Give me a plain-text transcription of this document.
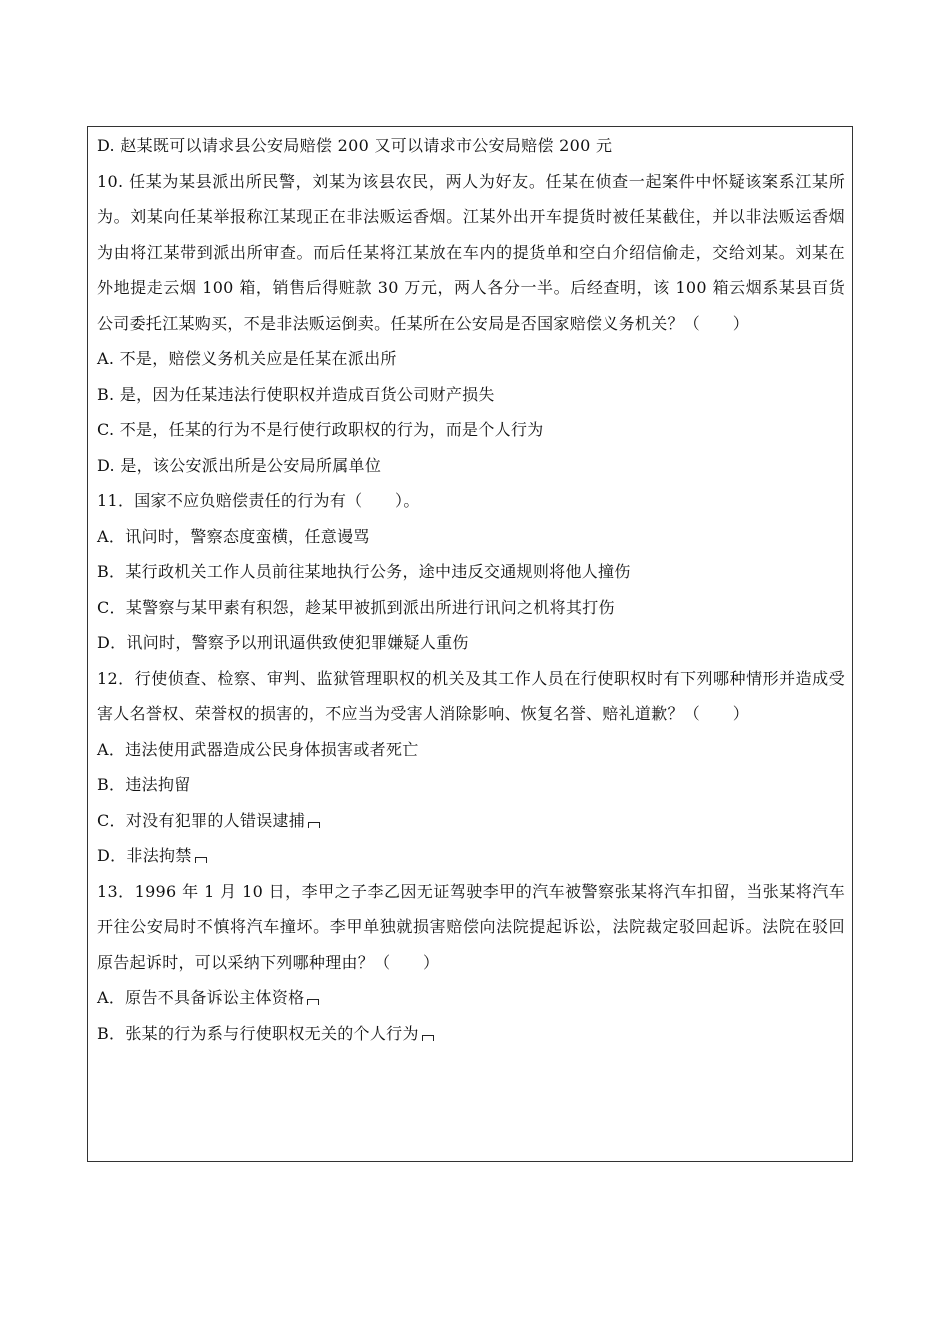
D. 赵某既可以请求县公安局赔偿 200 又可以请求市公安局赔偿 200 元
10. 任某为某县派出所民警，刘某为该县农民，两人为好友。任某在侦查一起案件中怀疑该案系江某所为。刘某向任某举报称江某现正在非法贩运香烟。江某外出开车提货时被任某截住，并以非法贩运香烟为由将江某带到派出所审查。而后任某将江某放在车内的提货单和空白介绍信偷走，交给刘某。刘某在外地提走云烟 100 箱，销售后得赃款 30 万元，两人各分一半。后经查明，该 100 箱云烟系某县百货公司委托江某购买，不是非法贩运倒卖。任某所在公安局是否国家赔偿义务机关？（　　）
A. 不是，赔偿义务机关应是任某在派出所
B. 是，因为任某违法行使职权并造成百货公司财产损失
C. 不是，任某的行为不是行使行政职权的行为，而是个人行为
D. 是，该公安派出所是公安局所属单位
11．国家不应负赔偿责任的行为有（　　）。
A．讯问时，警察态度蛮横，任意谩骂
B．某行政机关工作人员前往某地执行公务，途中违反交通规则将他人撞伤
C．某警察与某甲素有积怨，趁某甲被抓到派出所进行讯问之机将其打伤
D．讯问时，警察予以刑讯逼供致使犯罪嫌疑人重伤
12．行使侦查、检察、审判、监狱管理职权的机关及其工作人员在行使职权时有下列哪种情形并造成受害人名誉权、荣誉权的损害的，不应当为受害人消除影响、恢复名誉、赔礼道歉？（　　）
A．违法使用武器造成公民身体损害或者死亡
B．违法拘留
C．对没有犯罪的人错误逮捕
D．非法拘禁
13．1996 年 1 月 10 日，李甲之子李乙因无证驾驶李甲的汽车被警察张某将汽车扣留，当张某将汽车开往公安局时不慎将汽车撞坏。李甲单独就损害赔偿向法院提起诉讼，法院裁定驳回起诉。法院在驳回原告起诉时，可以采纳下列哪种理由？（　　）
A．原告不具备诉讼主体资格
B．张某的行为系与行使职权无关的个人行为
